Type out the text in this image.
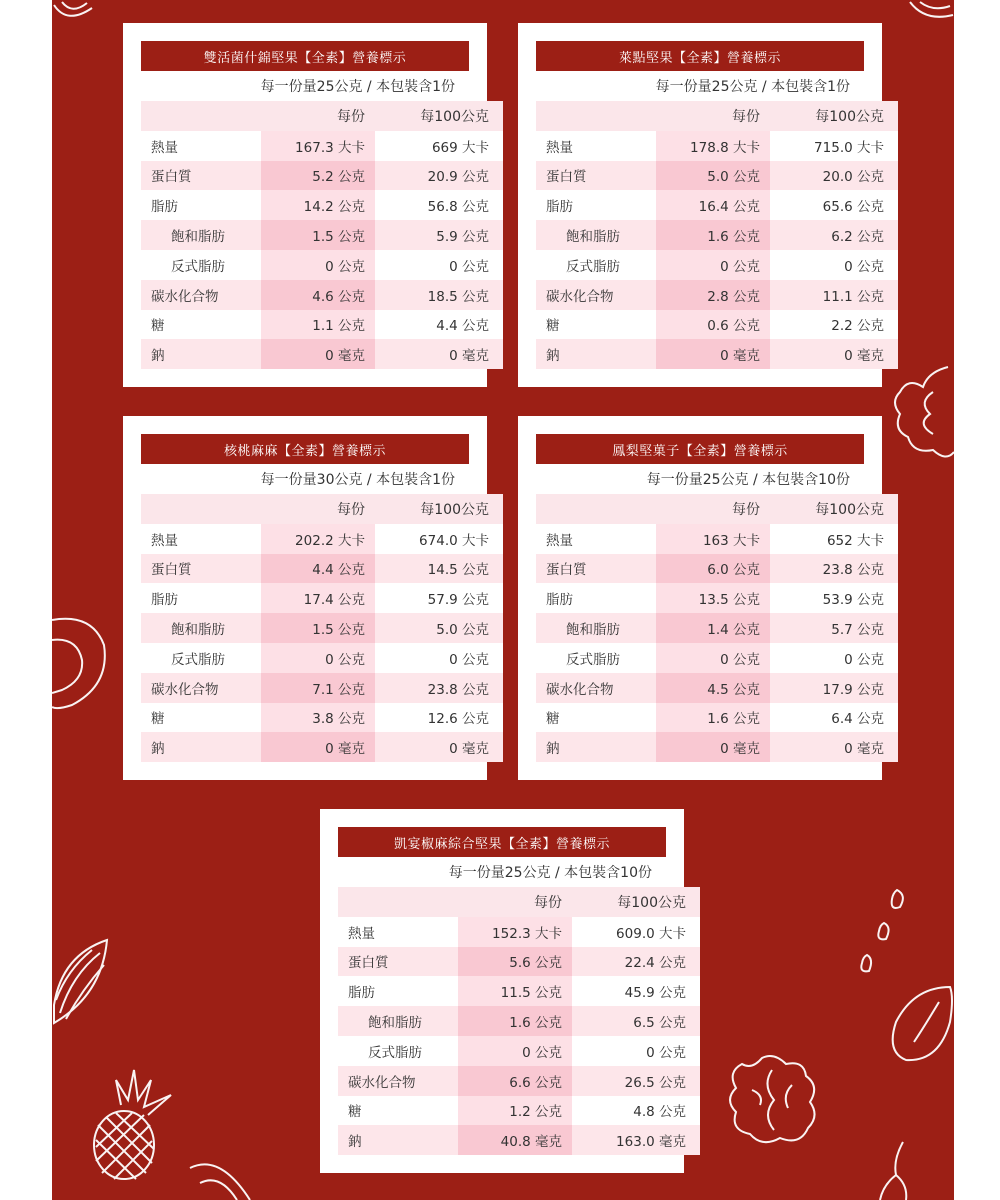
雙活菌什錦堅果【全素】營養標示
每一份量25公克 / 本包裝含1份
	每份	每100公克
熱量	167.3 大卡	669 大卡
蛋白質	5.2 公克	20.9 公克
脂肪	14.2 公克	56.8 公克
飽和脂肪	1.5 公克	5.9 公克
反式脂肪	0 公克	0 公克
碳水化合物	4.6 公克	18.5 公克
糖	1.1 公克	4.4 公克
鈉	0 毫克	0 毫克
萊點堅果【全素】營養標示
每一份量25公克 / 本包裝含1份
	每份	每100公克
熱量	178.8 大卡	715.0 大卡
蛋白質	5.0 公克	20.0 公克
脂肪	16.4 公克	65.6 公克
飽和脂肪	1.6 公克	6.2 公克
反式脂肪	0 公克	0 公克
碳水化合物	2.8 公克	11.1 公克
糖	0.6 公克	2.2 公克
鈉	0 毫克	0 毫克
核桃麻麻【全素】營養標示
每一份量30公克 / 本包裝含1份
	每份	每100公克
熱量	202.2 大卡	674.0 大卡
蛋白質	4.4 公克	14.5 公克
脂肪	17.4 公克	57.9 公克
飽和脂肪	1.5 公克	5.0 公克
反式脂肪	0 公克	0 公克
碳水化合物	7.1 公克	23.8 公克
糖	3.8 公克	12.6 公克
鈉	0 毫克	0 毫克
鳳梨堅菓子【全素】營養標示
每一份量25公克 / 本包裝含10份
	每份	每100公克
熱量	163 大卡	652 大卡
蛋白質	6.0 公克	23.8 公克
脂肪	13.5 公克	53.9 公克
飽和脂肪	1.4 公克	5.7 公克
反式脂肪	0 公克	0 公克
碳水化合物	4.5 公克	17.9 公克
糖	1.6 公克	6.4 公克
鈉	0 毫克	0 毫克
凱宴椒麻綜合堅果【全素】營養標示
每一份量25公克 / 本包裝含10份
	每份	每100公克
熱量	152.3 大卡	609.0 大卡
蛋白質	5.6 公克	22.4 公克
脂肪	11.5 公克	45.9 公克
飽和脂肪	1.6 公克	6.5 公克
反式脂肪	0 公克	0 公克
碳水化合物	6.6 公克	26.5 公克
糖	1.2 公克	4.8 公克
鈉	40.8 毫克	163.0 毫克
